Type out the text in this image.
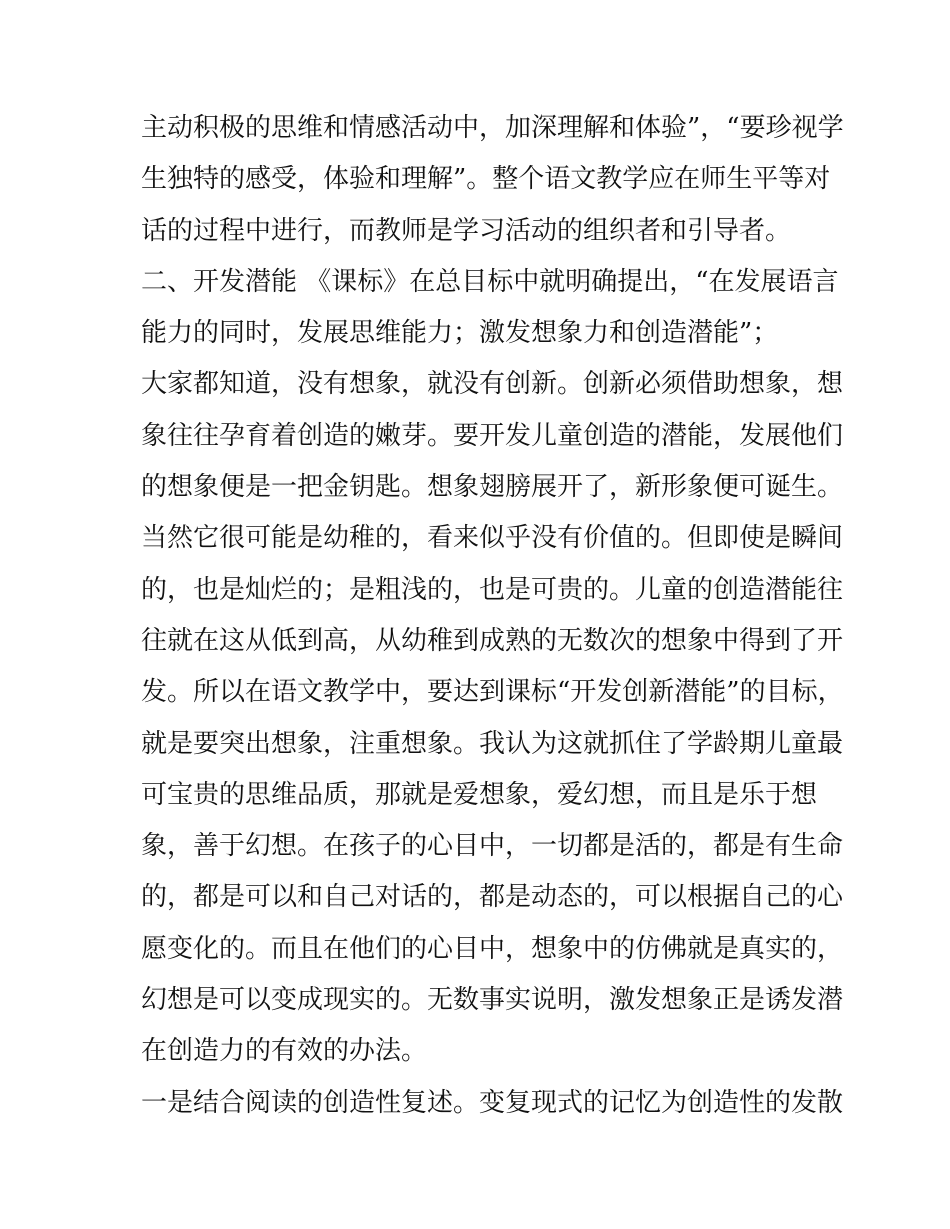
主动积极的思维和情感活动中，加深理解和体验”，“要珍视学
生独特的感受，体验和理解”。整个语文教学应在师生平等对
话的过程中进行，而教师是学习活动的组织者和引导者。
二、开发潜能 《课标》在总目标中就明确提出，“在发展语言
能力的同时，发展思维能力；激发想象力和创造潜能”；
大家都知道，没有想象，就没有创新。创新必须借助想象，想
象往往孕育着创造的嫩芽。要开发儿童创造的潜能，发展他们
的想象便是一把金钥匙。想象翅膀展开了，新形象便可诞生。
当然它很可能是幼稚的，看来似乎没有价值的。但即使是瞬间
的，也是灿烂的；是粗浅的，也是可贵的。儿童的创造潜能往
往就在这从低到高，从幼稚到成熟的无数次的想象中得到了开
发。所以在语文教学中，要达到课标“开发创新潜能”的目标，
就是要突出想象，注重想象。我认为这就抓住了学龄期儿童最
可宝贵的思维品质，那就是爱想象，爱幻想，而且是乐于想
象，善于幻想。在孩子的心目中，一切都是活的，都是有生命
的，都是可以和自己对话的，都是动态的，可以根据自己的心
愿变化的。而且在他们的心目中，想象中的仿佛就是真实的，
幻想是可以变成现实的。无数事实说明，激发想象正是诱发潜
在创造力的有效的办法。
一是结合阅读的创造性复述。变复现式的记忆为创造性的发散
